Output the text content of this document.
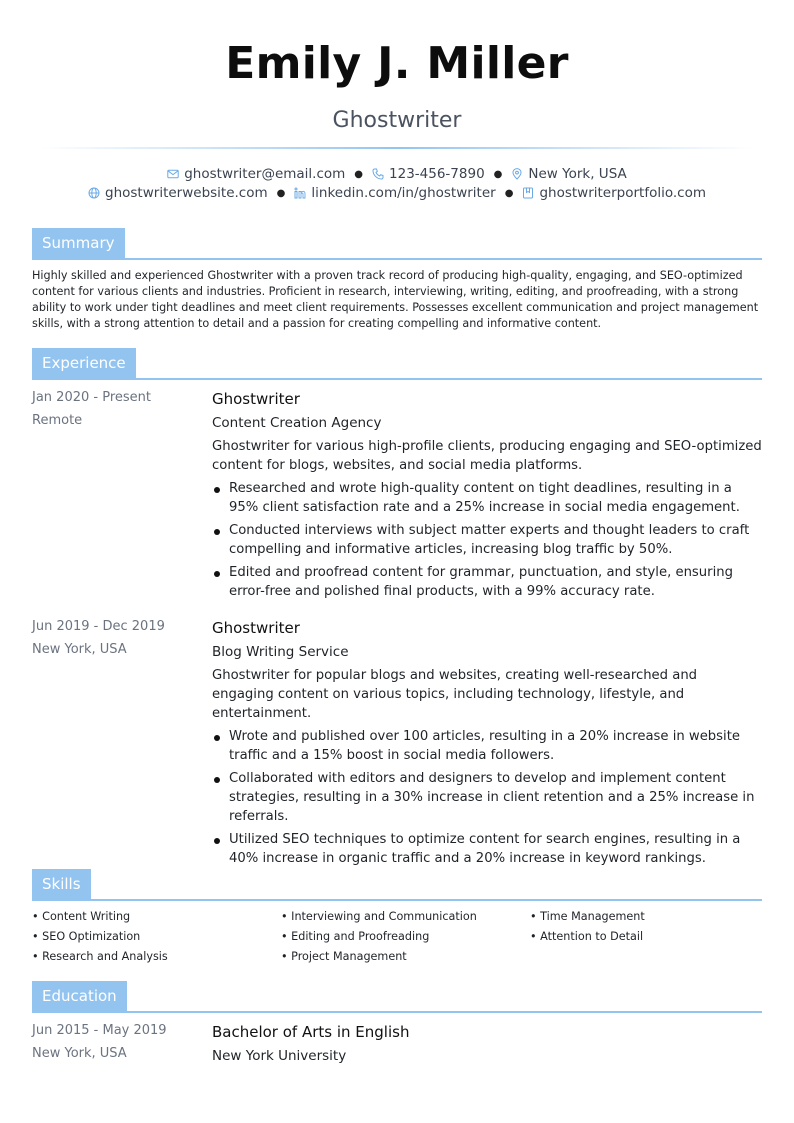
Emily J. Miller
Ghostwriter
ghostwriter@email.com ● 123-456-7890 ● New York, USA
ghostwriterwebsite.com ● linkedin.com/in/ghostwriter ● ghostwriterportfolio.com
Summary
Highly skilled and experienced Ghostwriter with a proven track record of producing high-quality, engaging, and SEO-optimized content for various clients and industries. Proficient in research, interviewing, writing, editing, and proofreading, with a strong ability to work under tight deadlines and meet client requirements. Possesses excellent communication and project management skills, with a strong attention to detail and a passion for creating compelling and informative content.
Experience
Jan 2020 - Present
Remote
Ghostwriter
Content Creation Agency
Ghostwriter for various high-profile clients, producing engaging and SEO-optimized content for blogs, websites, and social media platforms.
Researched and wrote high-quality content on tight deadlines, resulting in a 95% client satisfaction rate and a 25% increase in social media engagement.
Conducted interviews with subject matter experts and thought leaders to craft compelling and informative articles, increasing blog traffic by 50%.
Edited and proofread content for grammar, punctuation, and style, ensuring error-free and polished final products, with a 99% accuracy rate.
Jun 2019 - Dec 2019
New York, USA
Ghostwriter
Blog Writing Service
Ghostwriter for popular blogs and websites, creating well-researched and engaging content on various topics, including technology, lifestyle, and entertainment.
Wrote and published over 100 articles, resulting in a 20% increase in website traffic and a 15% boost in social media followers.
Collaborated with editors and designers to develop and implement content strategies, resulting in a 30% increase in client retention and a 25% increase in referrals.
Utilized SEO techniques to optimize content for search engines, resulting in a 40% increase in organic traffic and a 20% increase in keyword rankings.
Skills
• Content Writing	• Interviewing and Communication	• Time Management
• SEO Optimization	• Editing and Proofreading	• Attention to Detail
• Research and Analysis	• Project Management
Education
Jun 2015 - May 2019
New York, USA
Bachelor of Arts in English
New York University
